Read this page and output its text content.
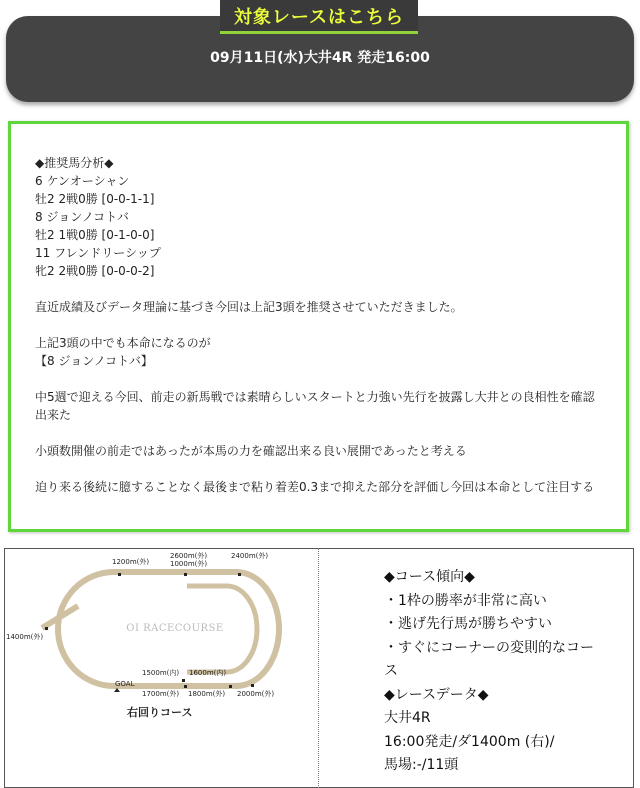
対象レースはこちら
09月11日(水)大井4R 発走16:00
◆推奨馬分析◆
6 ケンオーシャン
牡2 2戦0勝 [0-0-1-1]
8 ジョンノコトバ
牡2 1戦0勝 [0-1-0-0]
11 フレンドリーシップ
牝2 2戦0勝 [0-0-0-2]
直近成績及びデータ理論に基づき今回は上記3頭を推奨させていただきました。
上記3頭の中でも本命になるのが
【8 ジョンノコトバ】
中5週で迎える今回、前走の新馬戦では素晴らしいスタートと力強い先行を披露し大井との良相性を確認出来た
小頭数開催の前走ではあったが本馬の力を確認出来る良い展開であったと考える
迫り来る後続に臆することなく最後まで粘り着差0.3まで抑えた部分を評価し今回は本命として注目する
1200m(外)
2600m(外)
1000m(外)
2400m(外)
1400m(外)
OI RACECOURSE
1500m(内) 1600m(内)
GOAL
1700m(外) 1800m(外) 2000m(外)
右回りコース
◆コース傾向◆
・1枠の勝率が非常に高い
・逃げ先行馬が勝ちやすい
・すぐにコーナーの変則的なコー
ス
◆レースデータ◆
大井4R
16:00発走/ダ1400m (右)/
馬場:-/11頭
